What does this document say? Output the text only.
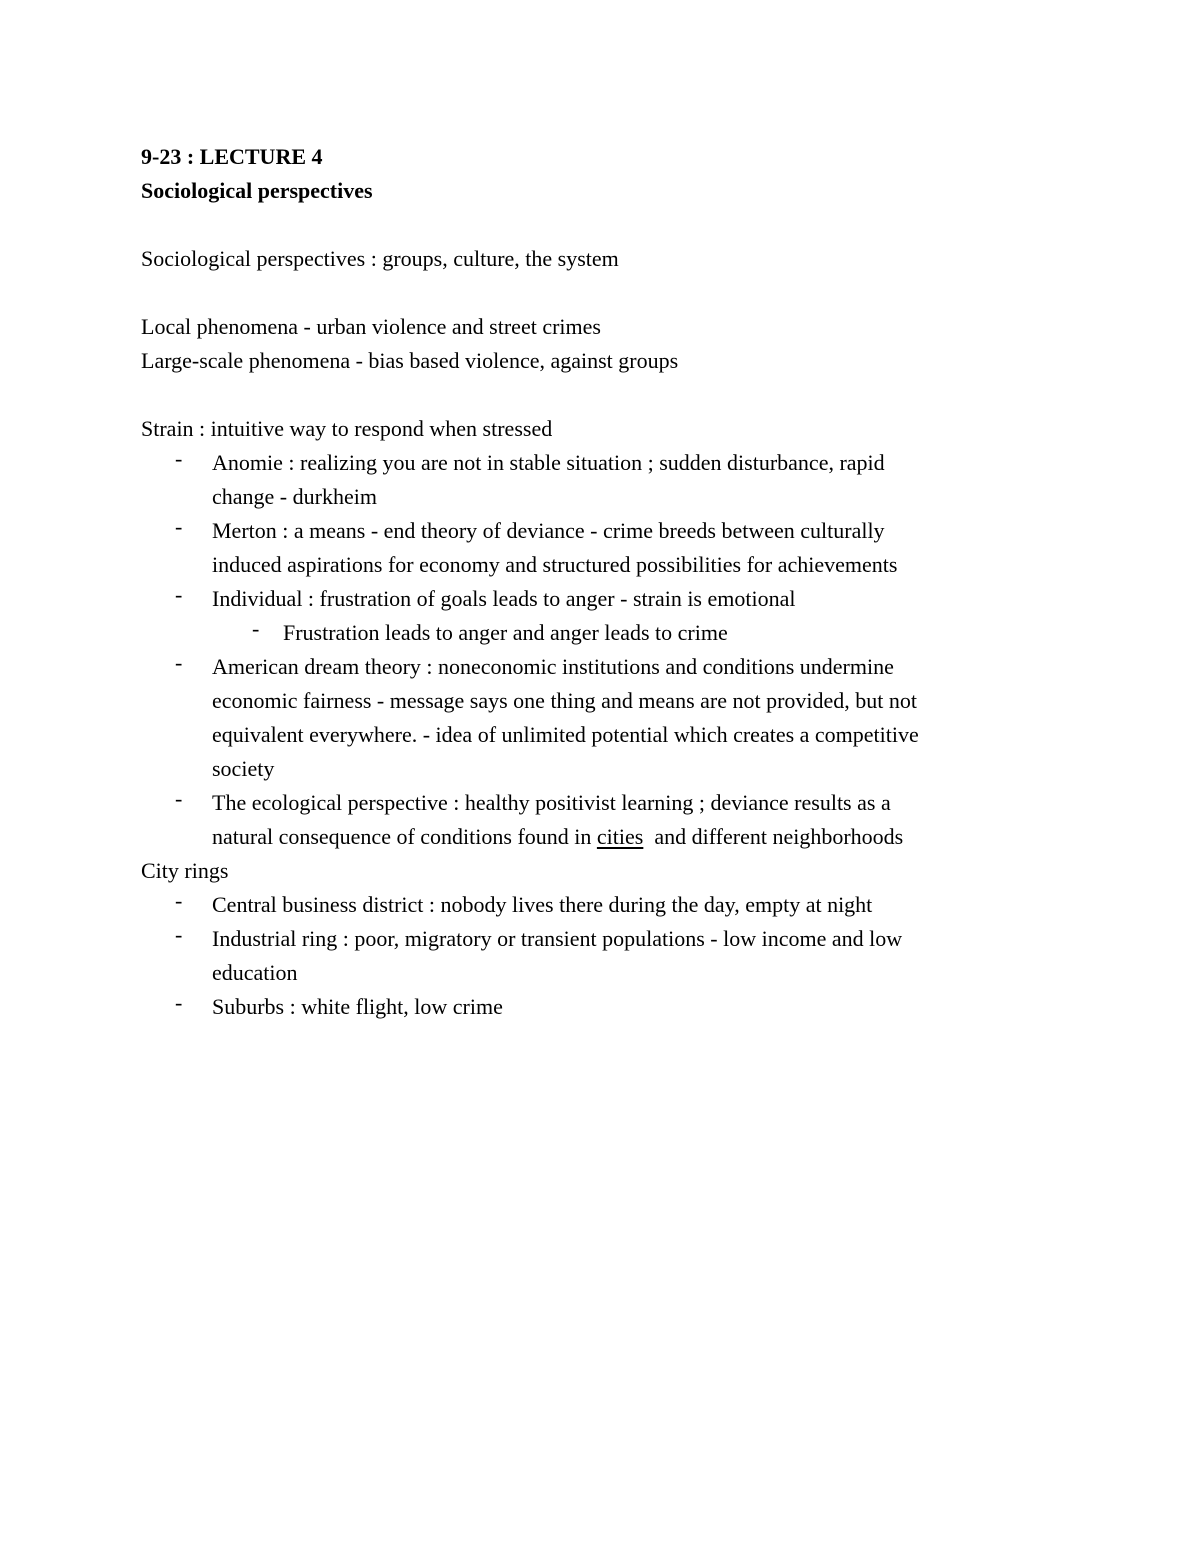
9-23 : LECTURE 4
Sociological perspectives
Sociological perspectives : groups, culture, the system
Local phenomena - urban violence and street crimes
Large-scale phenomena - bias based violence, against groups
Strain : intuitive way to respond when stressed
- Anomie : realizing you are not in stable situation ; sudden disturbance, rapid
change - durkheim
- Merton : a means - end theory of deviance - crime breeds between culturally
induced aspirations for economy and structured possibilities for achievements
- Individual : frustration of goals leads to anger - strain is emotional
- Frustration leads to anger and anger leads to crime
- American dream theory : noneconomic institutions and conditions undermine
economic fairness - message says one thing and means are not provided, but not
equivalent everywhere. - idea of unlimited potential which creates a competitive
society
- The ecological perspective : healthy positivist learning ; deviance results as a
natural consequence of conditions found in cities  and different neighborhoods
City rings
- Central business district : nobody lives there during the day, empty at night
- Industrial ring : poor, migratory or transient populations - low income and low
education
- Suburbs : white flight, low crime
